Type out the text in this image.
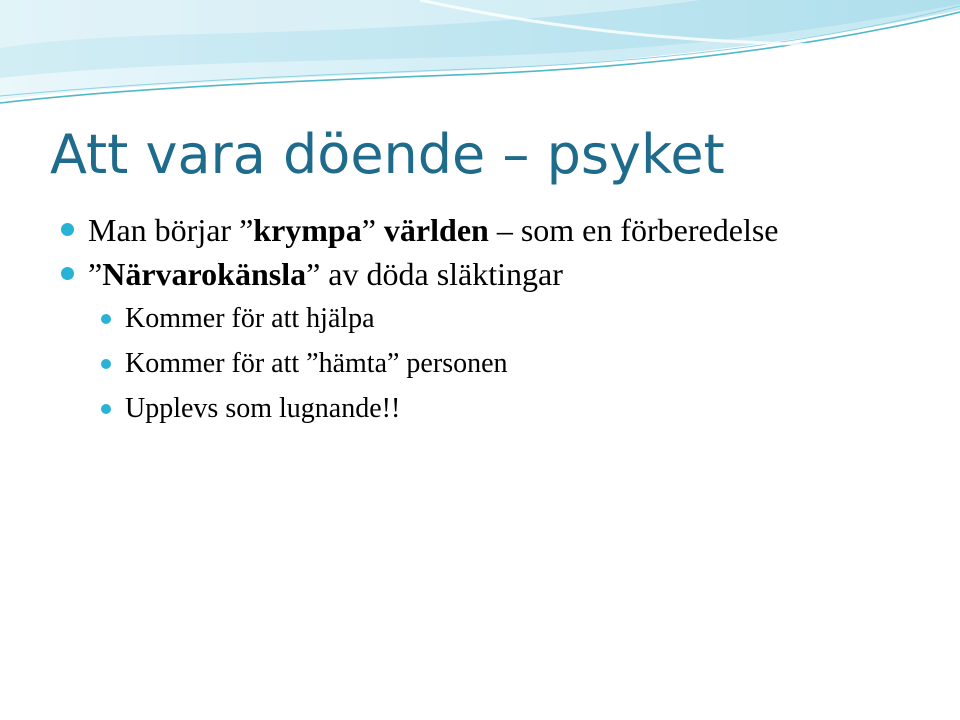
Att vara döende – psyket
Man börjar ”krympa” världen – som en förberedelse
”Närvarokänsla” av döda släktingar
Kommer för att hjälpa
Kommer för att ”hämta” personen
Upplevs som lugnande!!
